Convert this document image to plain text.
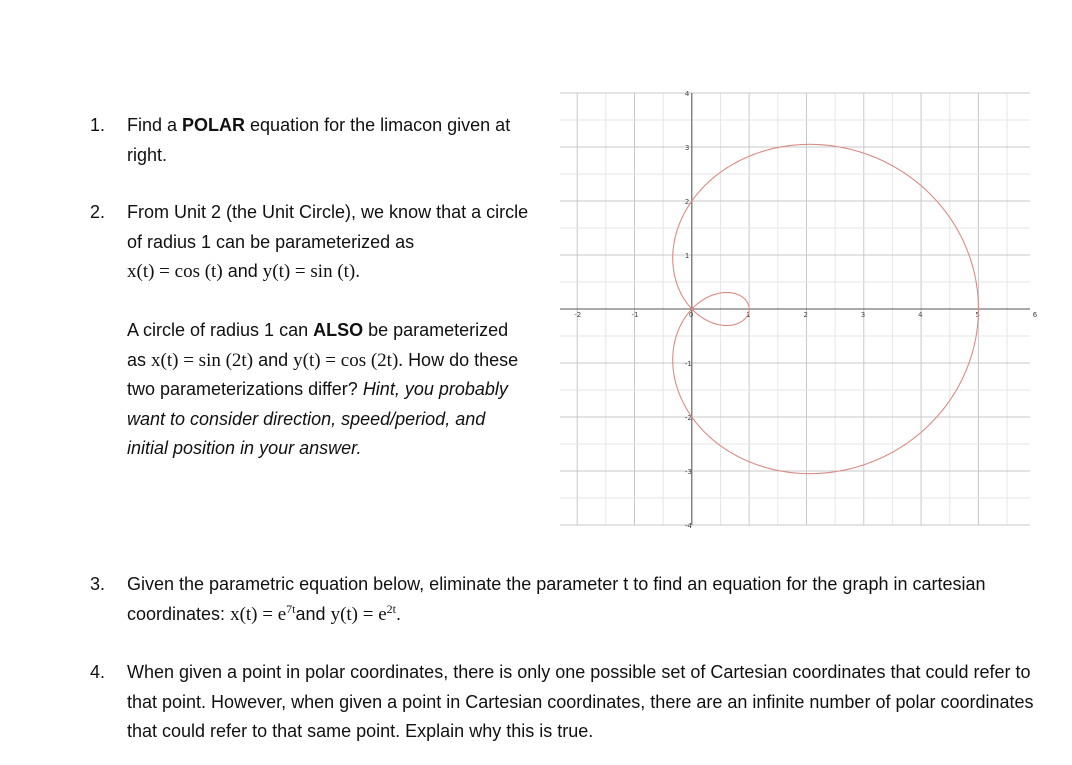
1. Find a POLAR equation for the limacon given at right.
2. From Unit 2 (the Unit Circle), we know that a circle of radius 1 can be parameterized as
x(t) = cos (t) and y(t) = sin (t).
A circle of radius 1 can ALSO be parameterized as x(t) = sin (2t) and y(t) = cos (2t). How do these two parameterizations differ? Hint, you probably want to consider direction, speed/period, and initial position in your answer.
3. Given the parametric equation below, eliminate the parameter t to find an equation for the graph in cartesian coordinates: $x(t) = e^{7t}and$ $y(t) = e^{2t}$.
4. When given a point in polar coordinates, there is only one possible set of Cartesian coordinates that could refer to that point. However, when given a point in Cartesian coordinates, there are an infinite number of polar coordinates that could refer to that same point. Explain why this is true.
-2	-1	0	1	2	3	4	5	6
4
3
2
1
-1
-2
-3
-4
